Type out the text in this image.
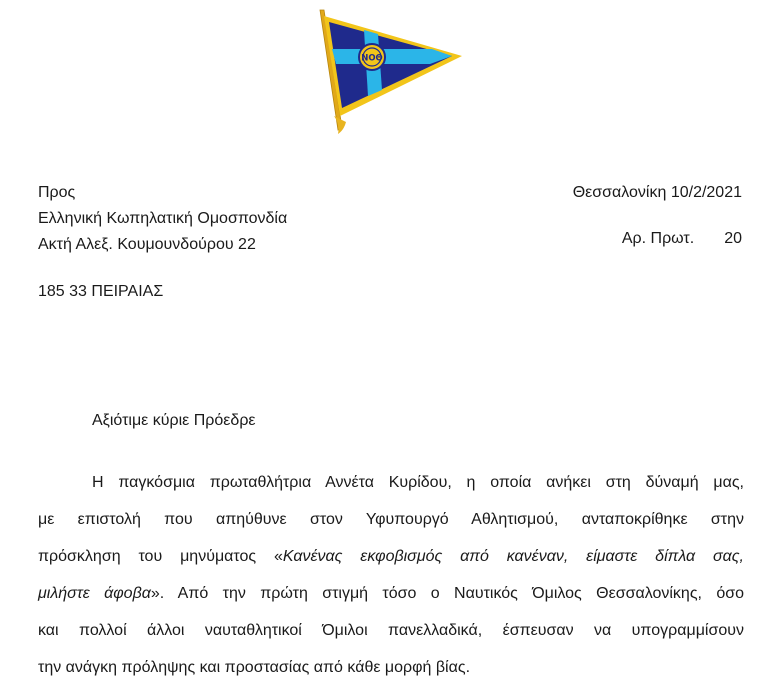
ΝΟΘ
Προς
Ελληνική Κωπηλατική Ομοσπονδία
Ακτή Αλεξ. Κουμουνδούρου 22
185 33 ΠΕΙΡΑΙΑΣ
Θεσσαλονίκη 10/2/2021
Αρ. Πρωτ. 20
Αξιότιμε κύριε Πρόεδρε
Η παγκόσμια πρωταθλήτρια Αννέτα Κυρίδου, η οποία ανήκει στη δύναμή μας,
με επιστολή που απηύθυνε στον Υφυπουργό Αθλητισμού, ανταποκρίθηκε στην
πρόσκληση του μηνύματος «Κανένας εκφοβισμός από κανέναν, είμαστε δίπλα σας,
μιλήστε άφοβα». Από την πρώτη στιγμή τόσο ο Ναυτικός Όμιλος Θεσσαλονίκης, όσο
και πολλοί άλλοι ναυταθλητικοί Όμιλοι πανελλαδικά, έσπευσαν να υπογραμμίσουν
την ανάγκη πρόληψης και προστασίας από κάθε μορφή βίας.
